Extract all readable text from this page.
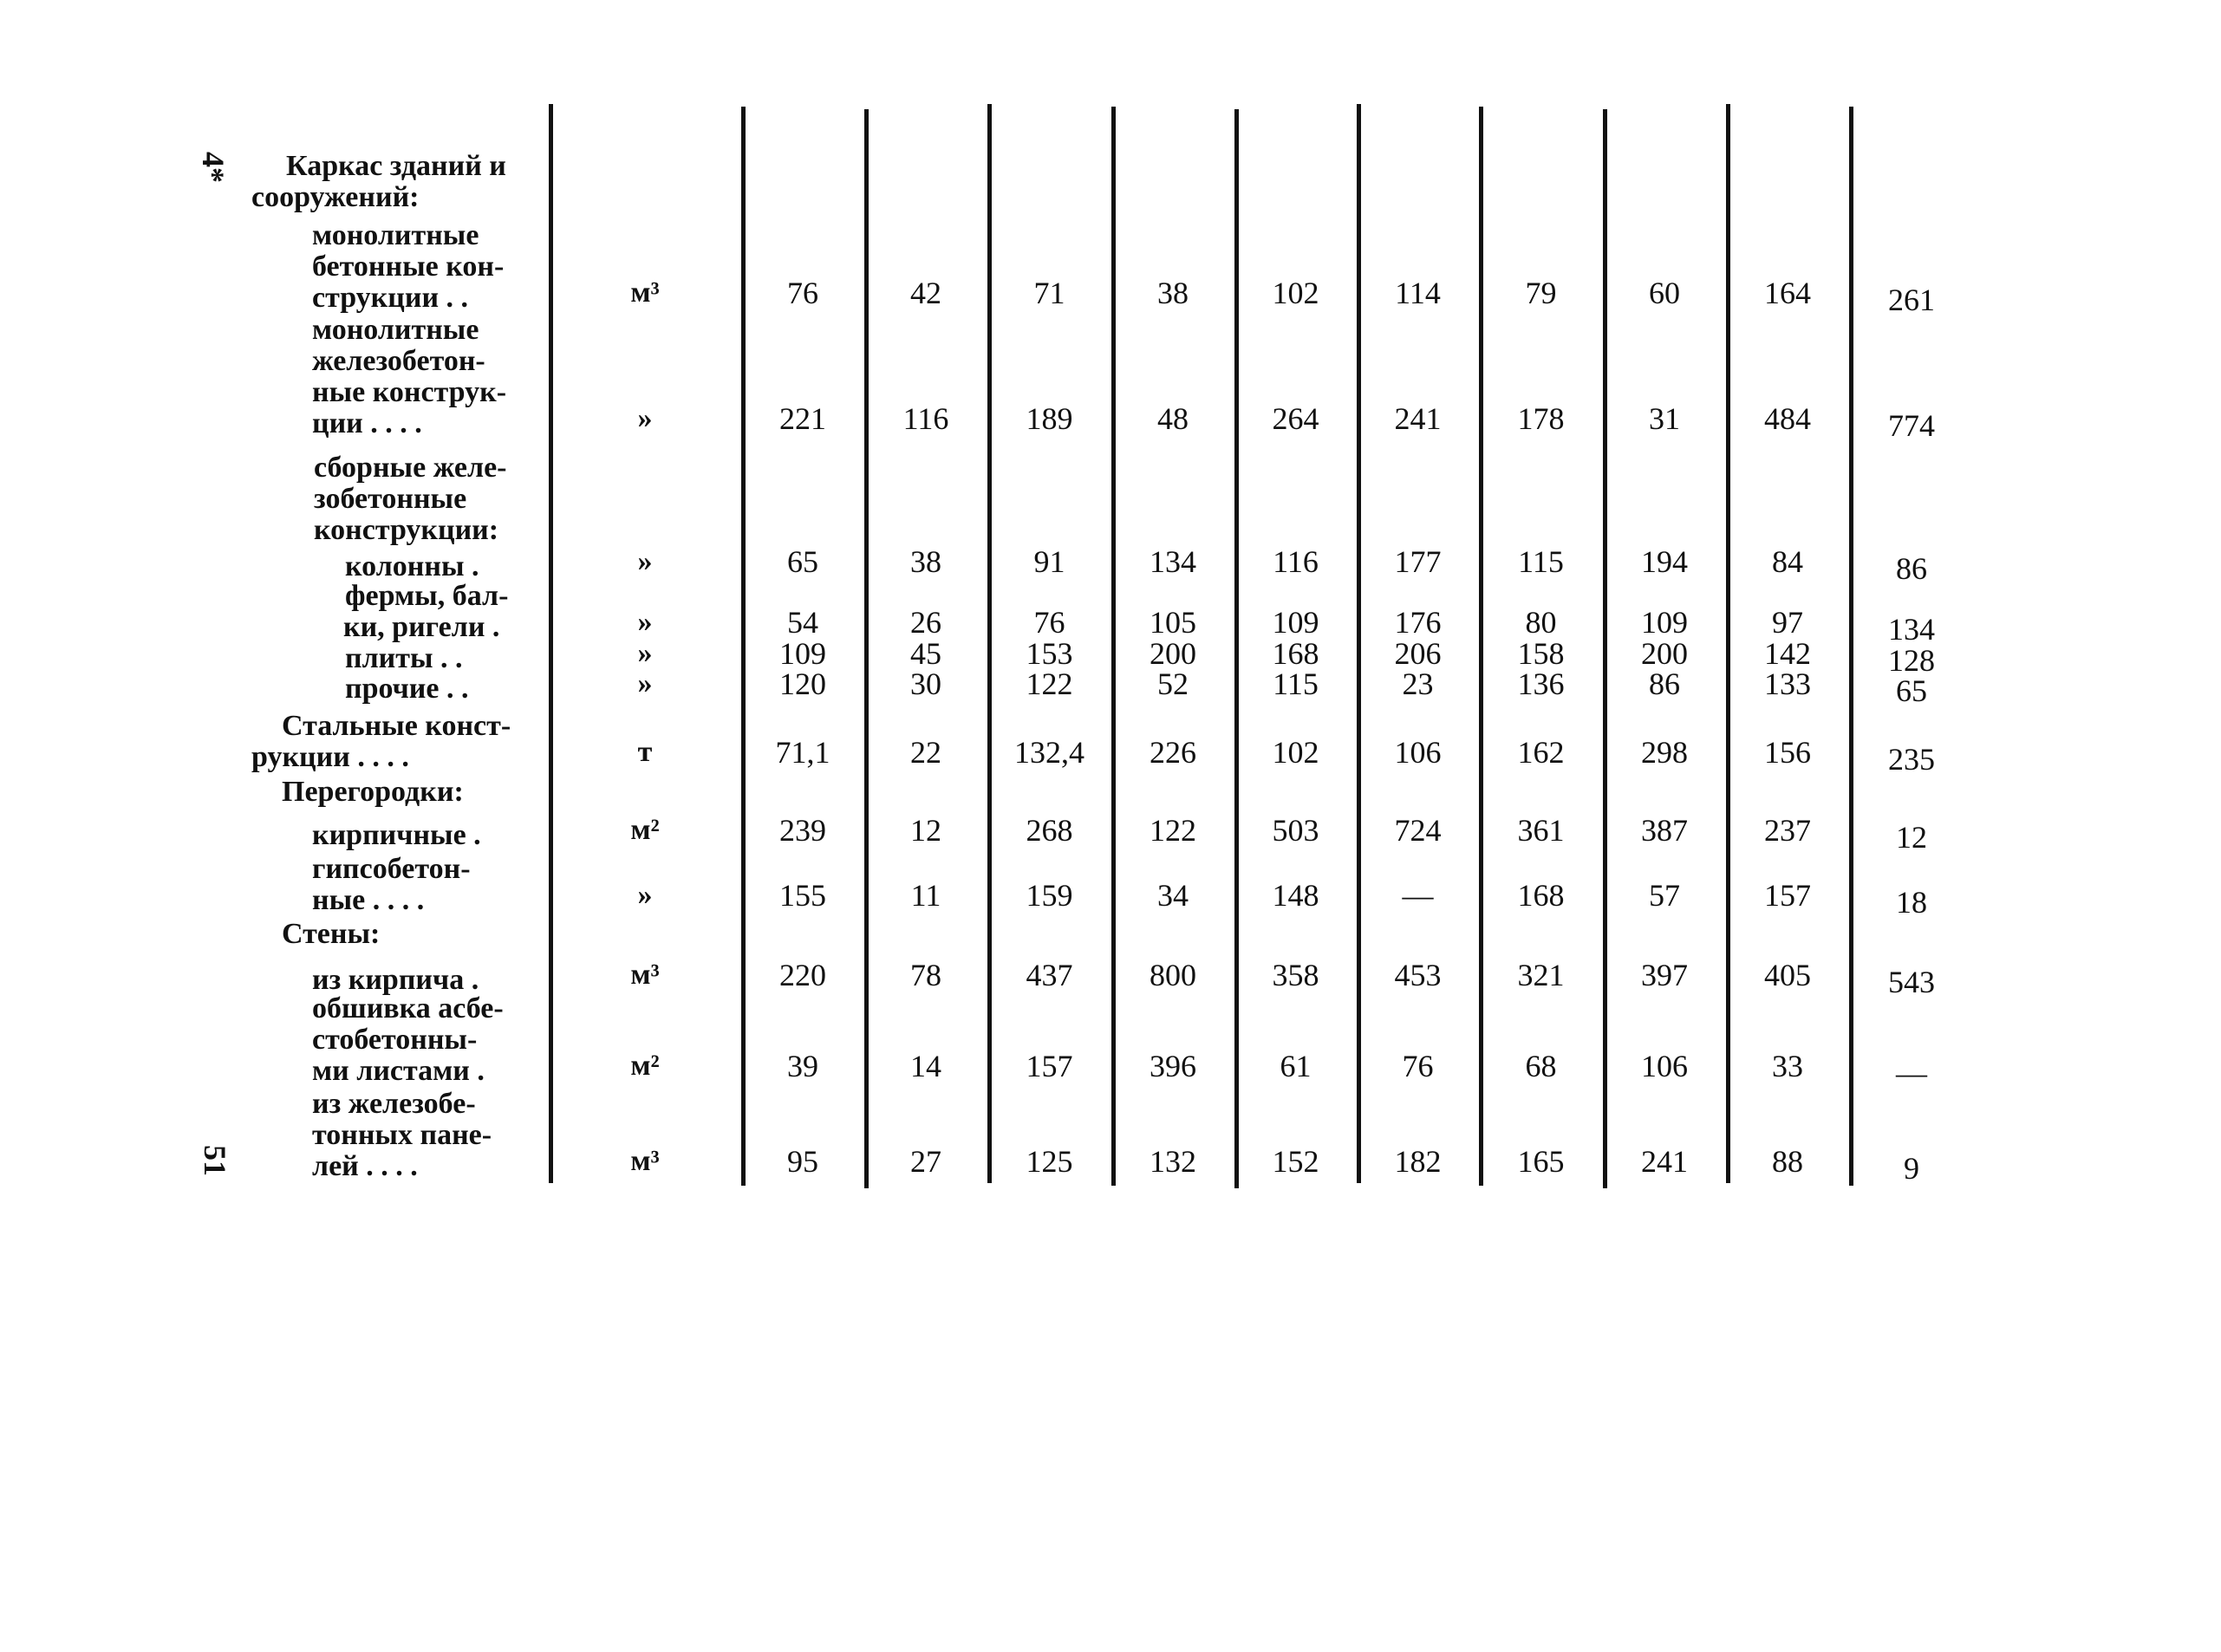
4*
51
Каркас зданий и
сооружений:
монолитные
бетонные кон-
струкции . .	м³	76	42	71	38	102	114	79	60	164	261
монолитные
железобетон-
ные конструк-
ции . . . .	»	221	116	189	48	264	241	178	31	484	774
сборные желе-
зобетонные
конструкции:
колонны .	»	65	38	91	134	116	177	115	194	84	86
фермы, бал-
ки, ригели .	»	54	26	76	105	109	176	80	109	97	134
плиты . .	»	109	45	153	200	168	206	158	200	142	128
прочие . .	»	120	30	122	52	115	23	136	86	133	65
Стальные конст-
рукции . . . .	т	71,1	22	132,4	226	102	106	162	298	156	235
Перегородки:
кирпичные .	м²	239	12	268	122	503	724	361	387	237	12
гипсобетон-
ные . . . .	»	155	11	159	34	148	—	168	57	157	18
Стены:
из кирпича .	м³	220	78	437	800	358	453	321	397	405	543
обшивка асбе-
стобетонны-
ми листами .	м²	39	14	157	396	61	76	68	106	33	—
из железобе-
тонных пане-
лей . . . .	м³	95	27	125	132	152	182	165	241	88	9
